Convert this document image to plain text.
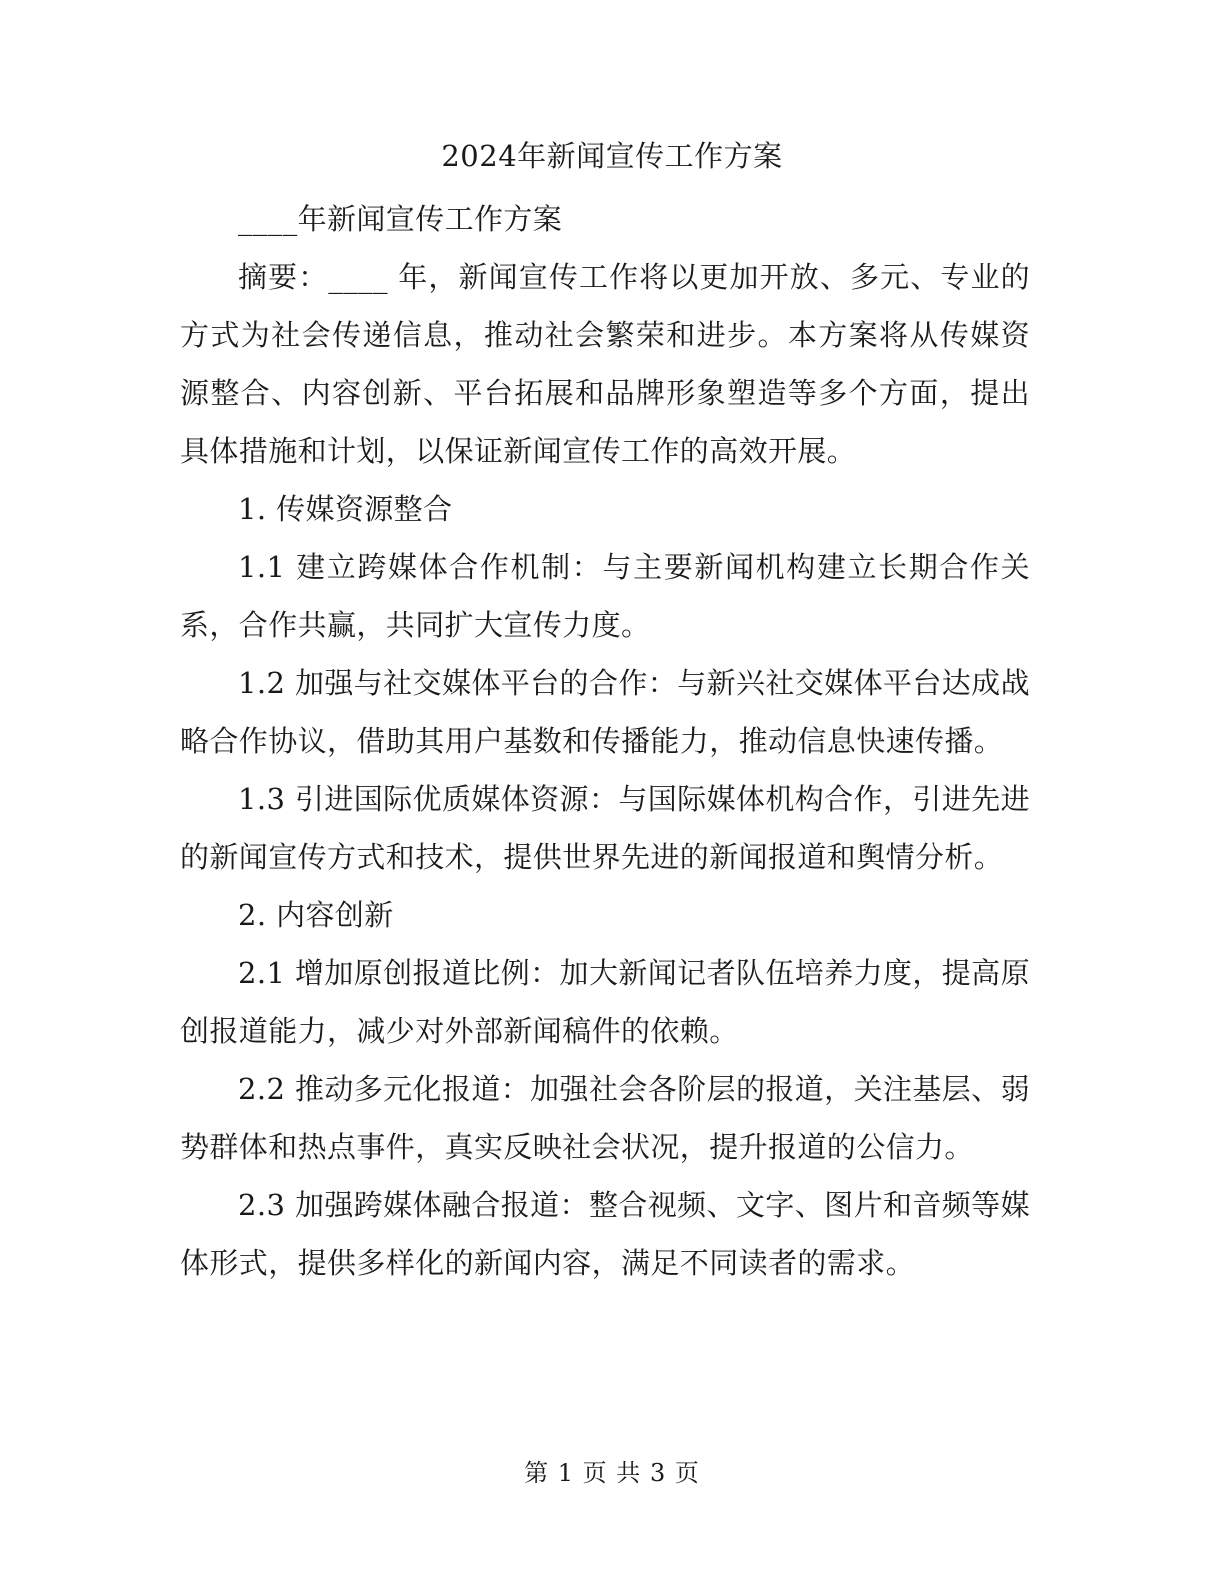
2024年新闻宣传工作方案

____年新闻宣传工作方案

摘要：____ 年，新闻宣传工作将以更加开放、多元、专业的方式为社会传递信息，推动社会繁荣和进步。本方案将从传媒资源整合、内容创新、平台拓展和品牌形象塑造等多个方面，提出具体措施和计划，以保证新闻宣传工作的高效开展。

1. 传媒资源整合

1.1 建立跨媒体合作机制：与主要新闻机构建立长期合作关系，合作共赢，共同扩大宣传力度。

1.2 加强与社交媒体平台的合作：与新兴社交媒体平台达成战略合作协议，借助其用户基数和传播能力，推动信息快速传播。

1.3 引进国际优质媒体资源：与国际媒体机构合作，引进先进的新闻宣传方式和技术，提供世界先进的新闻报道和舆情分析。

2. 内容创新

2.1 增加原创报道比例：加大新闻记者队伍培养力度，提高原创报道能力，减少对外部新闻稿件的依赖。

2.2 推动多元化报道：加强社会各阶层的报道，关注基层、弱势群体和热点事件，真实反映社会状况，提升报道的公信力。

2.3 加强跨媒体融合报道：整合视频、文字、图片和音频等媒体形式，提供多样化的新闻内容，满足不同读者的需求。

第 1 页 共 3 页
